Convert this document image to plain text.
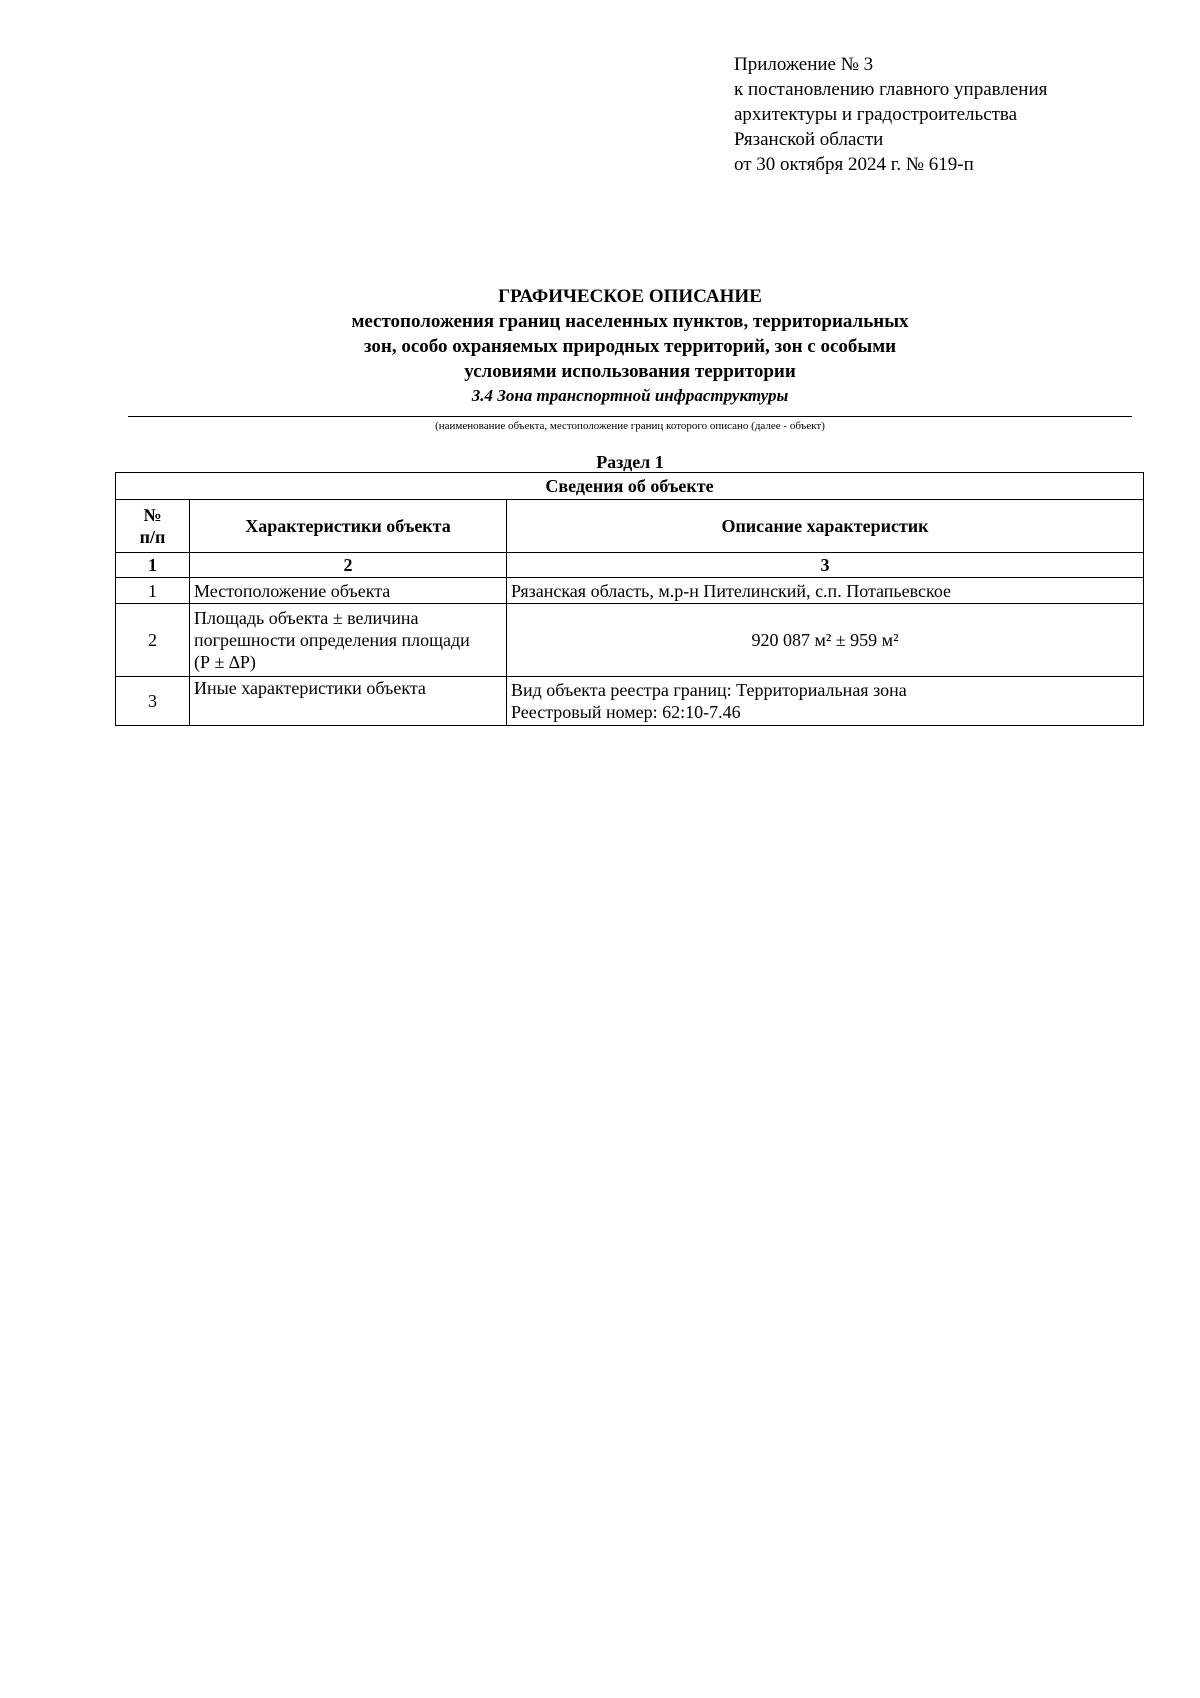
Приложение № 3
к постановлению главного управления
архитектуры и градостроительства
Рязанской области
от 30 октября 2024 г. № 619-п
ГРАФИЧЕСКОЕ ОПИСАНИЕ
местоположения границ населенных пунктов, территориальных
зон, особо охраняемых природных территорий, зон с особыми
условиями использования территории
3.4 Зона транспортной инфраструктуры
(наименование объекта, местоположение границ которого описано (далее - объект)
Раздел 1
Сведения об объекте		

№
п/п	Характеристики объекта	Описание характеристик
1	2	3
1	Местоположение объекта	Рязанская область, м.р-н Пителинский, с.п. Потапьевское

2	Площадь объекта ± величина
погрешности определения площади
(Р ± ∆Р)	920 087 м² ± 959 м²

3	Иные характеристики объекта	Вид объекта реестра границ: Территориальная зона
Реестровый номер: 62:10-7.46
